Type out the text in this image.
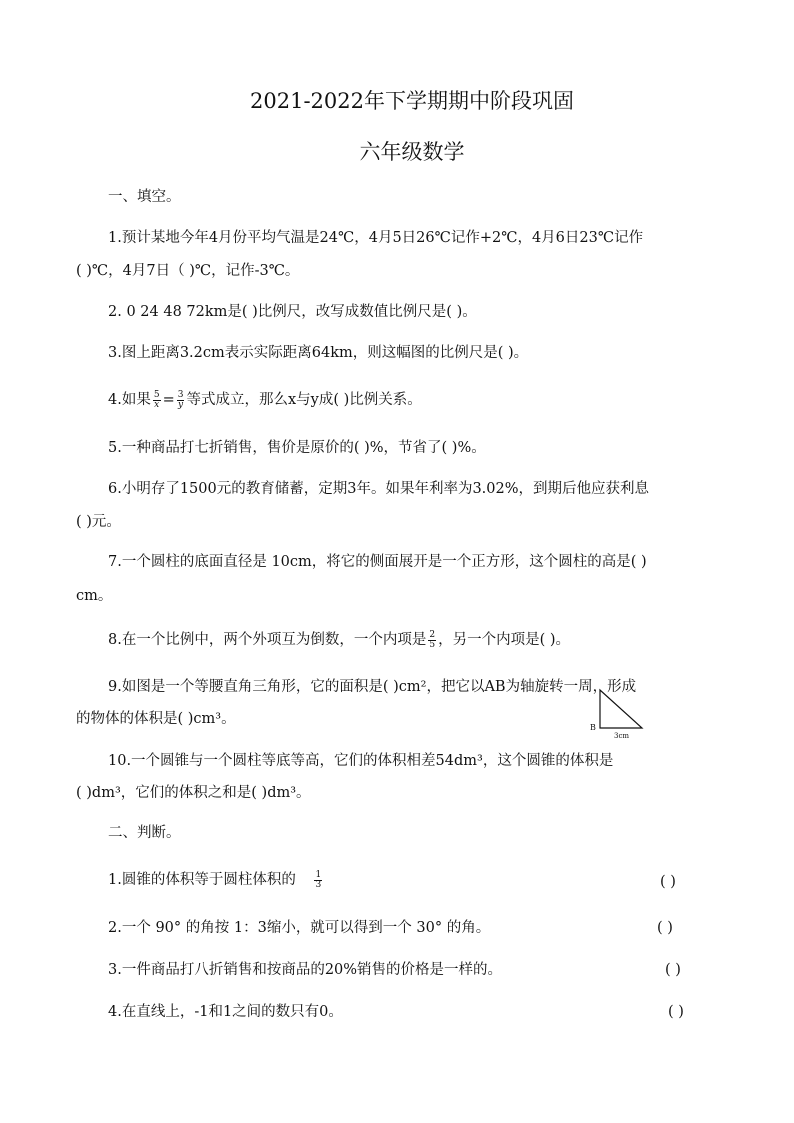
2021-2022年下学期期中阶段巩固
六年级数学
一、填空。
1.预计某地今年4月份平均气温是24℃，4月5日26℃记作+2℃，4月6日23℃记作
( )℃，4月7日（ )℃，记作-3℃。
2. 0 24 48 72km是( )比例尺，改写成数值比例尺是( )。
3.图上距离3.2cm表示实际距离64km，则这幅图的比例尺是( )。
4.如果 $\frac{5}{x} = \frac{3}{y}$ 等式成立，那么x与y成( )比例关系。
5.一种商品打七折销售，售价是原价的( )%，节省了( )%。
6.小明存了1500元的教育储蓄，定期3年。如果年利率为3.02%，到期后他应获利息
( )元。
7.一个圆柱的底面直径是 10cm，将它的侧面展开是一个正方形，这个圆柱的高是( )
cm。
8.在一个比例中，两个外项互为倒数，一个内项是 $\frac{2}{5}$ ，另一个内项是( )。
9.如图是一个等腰直角三角形，它的面积是( )cm²，把它以AB为轴旋转一周，形成
的物体的体积是( )cm³。
B
3cm
10.一个圆锥与一个圆柱等底等高，它们的体积相差54dm³，这个圆锥的体积是
( )dm³，它们的体积之和是( )dm³。
二、判断。
1.圆锥的体积等于圆柱体积的 $\frac{1}{3}$	( )
2.一个 90° 的角按 1：3缩小，就可以得到一个 30° 的角。	( )
3.一件商品打八折销售和按商品的20%销售的价格是一样的。	( )
4.在直线上，-1和1之间的数只有0。	( )
